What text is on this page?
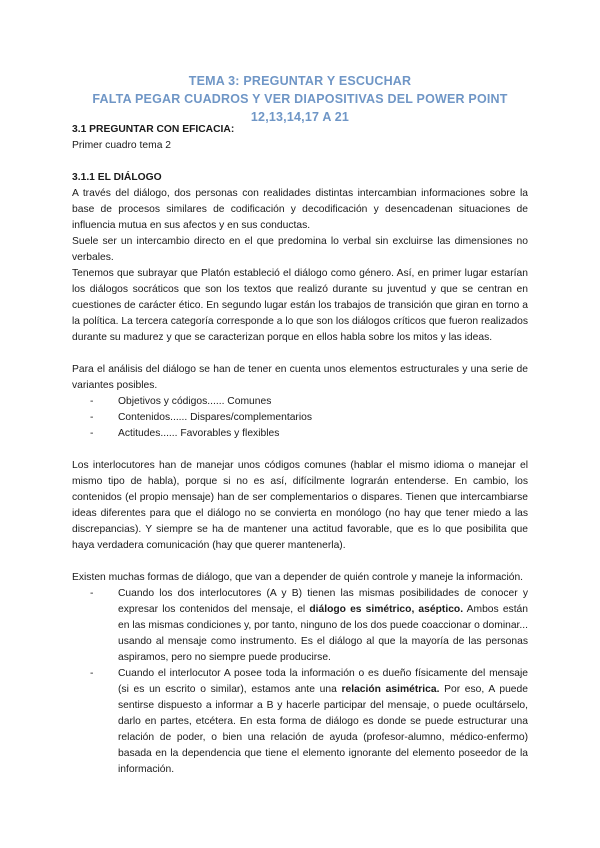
TEMA 3: PREGUNTAR Y ESCUCHAR
FALTA PEGAR CUADROS Y VER DIAPOSITIVAS DEL POWER POINT
12,13,14,17 A 21

3.1 PREGUNTAR CON EFICACIA:

Primer cuadro tema 2

3.1.1 EL DIÁLOGO

A través del diálogo, dos personas con realidades distintas intercambian informaciones sobre la base de procesos similares de codificación y decodificación y desencadenan situaciones de influencia mutua en sus afectos y en sus conductas.

Suele ser un intercambio directo en el que predomina lo verbal sin excluirse las dimensiones no verbales.

Tenemos que subrayar que Platón estableció el diálogo como género. Así, en primer lugar estarían los diálogos socráticos que son los textos que realizó durante su juventud y que se centran en cuestiones de carácter ético. En segundo lugar están los trabajos de transición que giran en torno a la política. La tercera categoría corresponde a lo que son los diálogos críticos que fueron realizados durante su madurez y que se caracterizan porque en ellos habla sobre los mitos y las ideas.

Para el análisis del diálogo se han de tener en cuenta unos elementos estructurales y una serie de variantes posibles.

- Objetivos y códigos...... Comunes
- Contenidos...... Dispares/complementarios
- Actitudes...... Favorables y flexibles

Los interlocutores han de manejar unos códigos comunes (hablar el mismo idioma o manejar el mismo tipo de habla), porque si no es así, difícilmente lograrán entenderse. En cambio, los contenidos (el propio mensaje) han de ser complementarios o dispares. Tienen que intercambiarse ideas diferentes para que el diálogo no se convierta en monólogo (no hay que tener miedo a las discrepancias). Y siempre se ha de mantener una actitud favorable, que es lo que posibilita que haya verdadera comunicación (hay que querer mantenerla).

Existen muchas formas de diálogo, que van a depender de quién controle y maneje la información.

- Cuando los dos interlocutores (A y B) tienen las mismas posibilidades de conocer y expresar los contenidos del mensaje, el diálogo es simétrico, aséptico. Ambos están en las mismas condiciones y, por tanto, ninguno de los dos puede coaccionar o dominar... usando al mensaje como instrumento. Es el diálogo al que la mayoría de las personas aspiramos, pero no siempre puede producirse.
- Cuando el interlocutor A posee toda la información o es dueño físicamente del mensaje (si es un escrito o similar), estamos ante una relación asimétrica. Por eso, A puede sentirse dispuesto a informar a B y hacerle participar del mensaje, o puede ocultárselo, darlo en partes, etcétera. En esta forma de diálogo es donde se puede estructurar una relación de poder, o bien una relación de ayuda (profesor-alumno, médico-enfermo) basada en la dependencia que tiene el elemento ignorante del elemento poseedor de la información.
